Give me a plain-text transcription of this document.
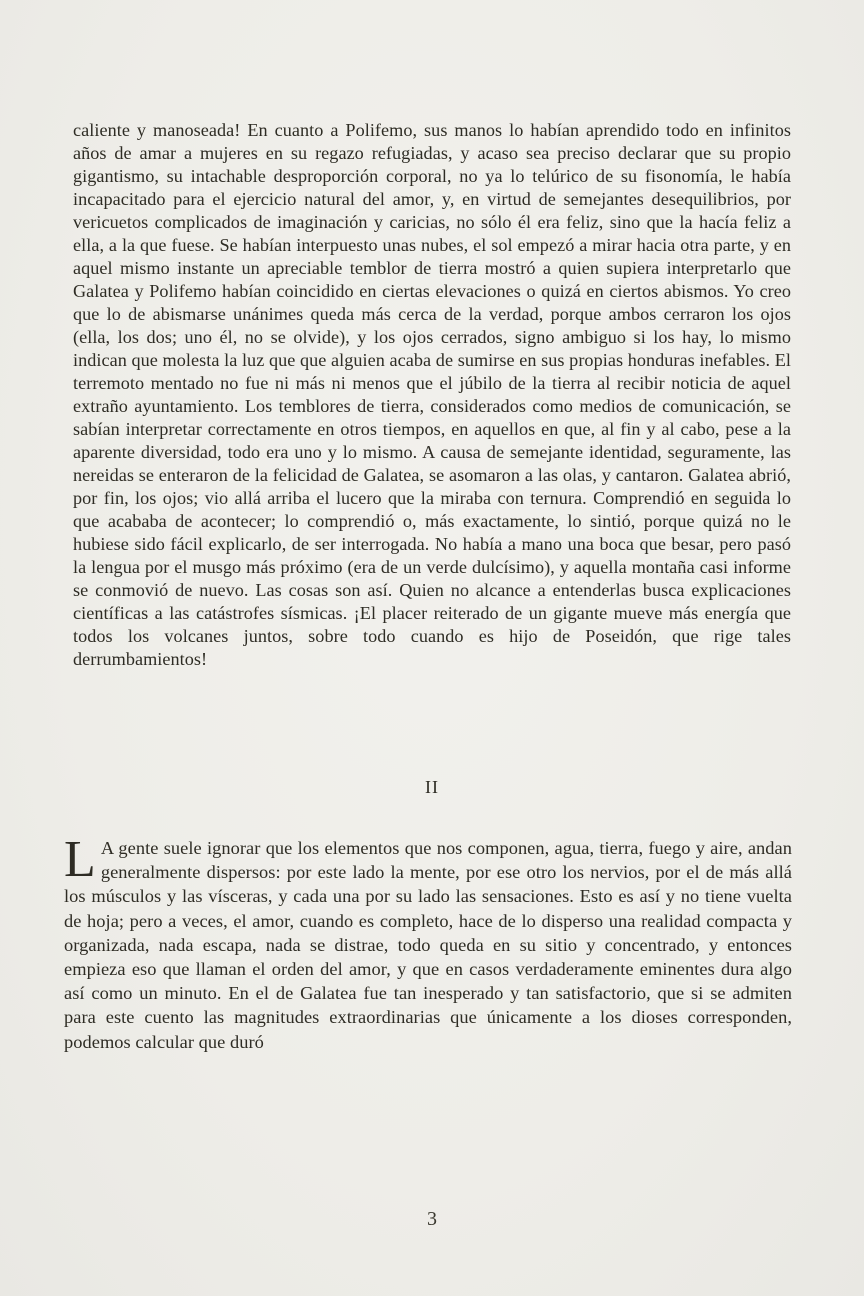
caliente y manoseada! En cuanto a Polifemo, sus manos lo habían aprendido todo en infinitos años de amar a mujeres en su regazo refugiadas, y acaso sea preciso declarar que su propio gigantismo, su intachable desproporción corporal, no ya lo telúrico de su fisonomía, le había incapacitado para el ejercicio natural del amor, y, en virtud de semejantes desequilibrios, por vericuetos complicados de imaginación y caricias, no sólo él era feliz, sino que la hacía feliz a ella, a la que fuese. Se habían interpuesto unas nubes, el sol empezó a mirar hacia otra parte, y en aquel mismo instante un apreciable temblor de tierra mostró a quien supiera interpretarlo que Galatea y Polifemo habían coincidido en ciertas elevaciones o quizá en ciertos abismos. Yo creo que lo de abismarse unánimes queda más cerca de la verdad, porque ambos cerraron los ojos (ella, los dos; uno él, no se olvide), y los ojos cerrados, signo ambiguo si los hay, lo mismo indican que molesta la luz que que alguien acaba de sumirse en sus propias honduras inefables. El terremoto mentado no fue ni más ni menos que el júbilo de la tierra al recibir noticia de aquel extraño ayuntamiento. Los temblores de tierra, considerados como medios de comunicación, se sabían interpretar correctamente en otros tiempos, en aquellos en que, al fin y al cabo, pese a la aparente diversidad, todo era uno y lo mismo. A causa de semejante identidad, seguramente, las nereidas se enteraron de la felicidad de Galatea, se asomaron a las olas, y cantaron. Galatea abrió, por fin, los ojos; vio allá arriba el lucero que la miraba con ternura. Comprendió en seguida lo que acababa de acontecer; lo comprendió o, más exactamente, lo sintió, porque quizá no le hubiese sido fácil explicarlo, de ser interrogada. No había a mano una boca que besar, pero pasó la lengua por el musgo más próximo (era de un verde dulcísimo), y aquella montaña casi informe se conmovió de nuevo. Las cosas son así. Quien no alcance a entenderlas busca explicaciones científicas a las catástrofes sísmicas. ¡El placer reiterado de un gigante mueve más energía que todos los volcanes juntos, sobre todo cuando es hijo de Poseidón, que rige tales derrumbamientos!

II

L A gente suele ignorar que los elementos que nos componen, agua, tierra, fuego y aire, andan generalmente dispersos: por este lado la mente, por ese otro los nervios, por el de más allá los músculos y las vísceras, y cada una por su lado las sensaciones. Esto es así y no tiene vuelta de hoja; pero a veces, el amor, cuando es completo, hace de lo disperso una realidad compacta y organizada, nada escapa, nada se distrae, todo queda en su sitio y concentrado, y entonces empieza eso que llaman el orden del amor, y que en casos verdaderamente eminentes dura algo así como un minuto. En el de Galatea fue tan inesperado y tan satisfactorio, que si se admiten para este cuento las magnitudes extraordinarias que únicamente a los dioses corresponden, podemos calcular que duró

3
